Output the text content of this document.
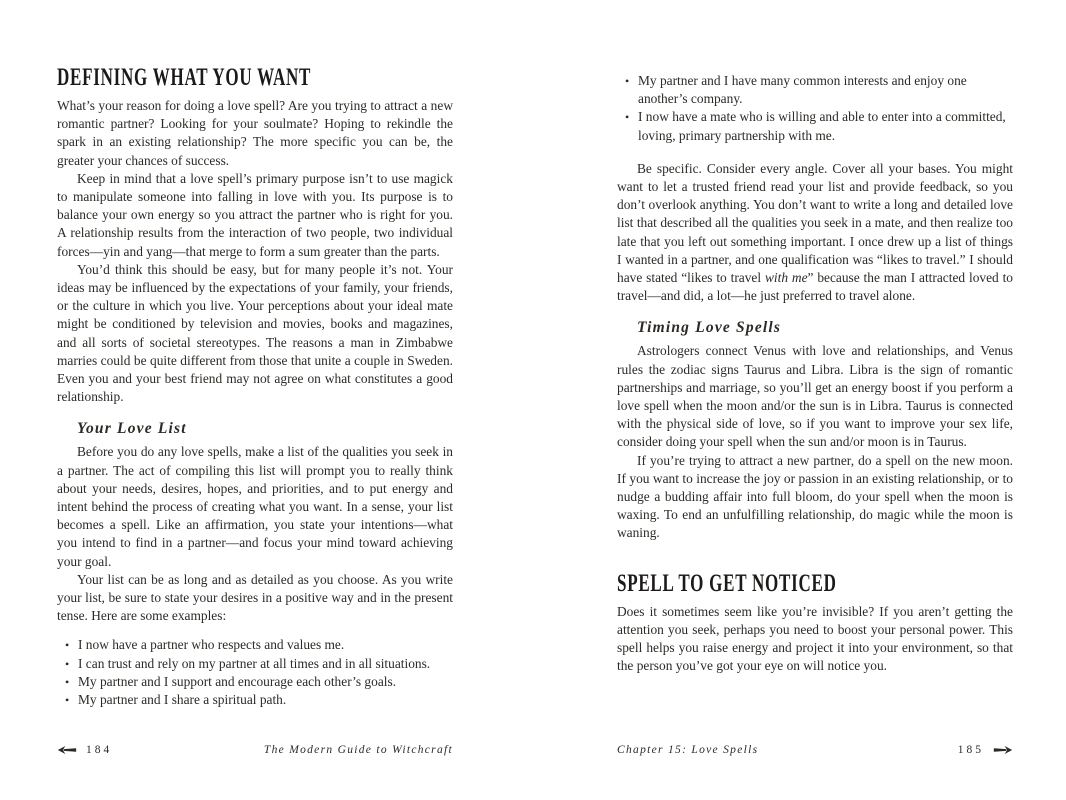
DEFINING WHAT YOU WANT

What’s your reason for doing a love spell? Are you trying to attract a new romantic partner? Looking for your soulmate? Hoping to rekindle the spark in an existing relationship? The more specific you can be, the greater your chances of success.

Keep in mind that a love spell’s primary purpose isn’t to use magick to manipulate someone into falling in love with you. Its purpose is to balance your own energy so you attract the partner who is right for you. A relationship results from the interaction of two people, two individual forces—yin and yang—that merge to form a sum greater than the parts.

You’d think this should be easy, but for many people it’s not. Your ideas may be influenced by the expectations of your family, your friends, or the culture in which you live. Your perceptions about your ideal mate might be conditioned by television and movies, books and magazines, and all sorts of societal stereotypes. The reasons a man in Zimbabwe marries could be quite different from those that unite a couple in Sweden. Even you and your best friend may not agree on what constitutes a good relationship.

Your Love List

Before you do any love spells, make a list of the qualities you seek in a partner. The act of compiling this list will prompt you to really think about your needs, desires, hopes, and priorities, and to put energy and intent behind the process of creating what you want. In a sense, your list becomes a spell. Like an affirmation, you state your intentions—what you intend to find in a partner—and focus your mind toward achieving your goal.

Your list can be as long and as detailed as you choose. As you write your list, be sure to state your desires in a positive way and in the present tense. Here are some examples:

• I now have a partner who respects and values me.
• I can trust and rely on my partner at all times and in all situations.
• My partner and I support and encourage each other’s goals.
• My partner and I share a spiritual path.
• My partner and I have many common interests and enjoy one another’s company.
• I now have a mate who is willing and able to enter into a committed, loving, primary partnership with me.

Be specific. Consider every angle. Cover all your bases. You might want to let a trusted friend read your list and provide feedback, so you don’t overlook anything. You don’t want to write a long and detailed love list that described all the qualities you seek in a mate, and then realize too late that you left out something important. I once drew up a list of things I wanted in a partner, and one qualification was “likes to travel.” I should have stated “likes to travel with me” because the man I attracted loved to travel—and did, a lot—he just preferred to travel alone.

Timing Love Spells

Astrologers connect Venus with love and relationships, and Venus rules the zodiac signs Taurus and Libra. Libra is the sign of romantic partnerships and marriage, so you’ll get an energy boost if you perform a love spell when the moon and/or the sun is in Libra. Taurus is connected with the physical side of love, so if you want to improve your sex life, consider doing your spell when the sun and/or moon is in Taurus.

If you’re trying to attract a new partner, do a spell on the new moon. If you want to increase the joy or passion in an existing relationship, or to nudge a budding affair into full bloom, do your spell when the moon is waxing. To end an unfulfilling relationship, do magic while the moon is waning.

SPELL TO GET NOTICED

Does it sometimes seem like you’re invisible? If you aren’t getting the attention you seek, perhaps you need to boost your personal power. This spell helps you raise energy and project it into your environment, so that the person you’ve got your eye on will notice you.

184	The Modern Guide to Witchcraft	Chapter 15: Love Spells	185
